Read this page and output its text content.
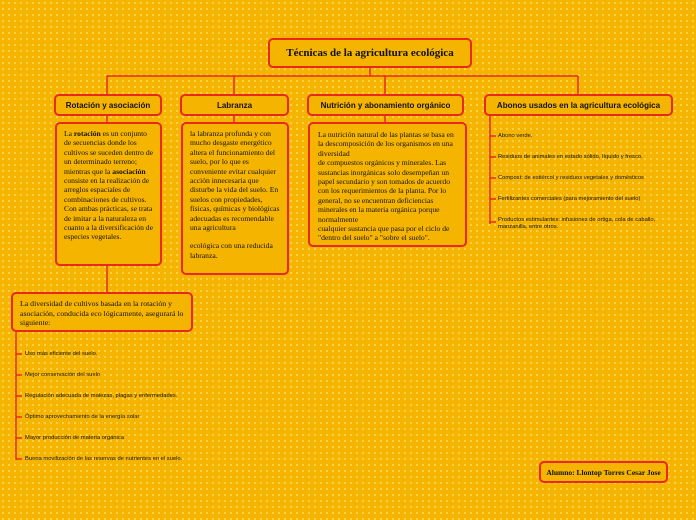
Técnicas de la agricultura ecológica
Rotación y asociación	Labranza	Nutrición y abonamiento orgánico	Abonos usados en la agricultura ecológica

La rotación es un conjunto de secuencias donde los cultivos se suceden dentro de un determinado terreno; mientras que la asociación consiste en la realización de arreglos espaciales de combinaciones de cultivos. Con ambas prácticas, se trata de imitar a la naturaleza en cuanto a la diversificación de especies vegetales.

la labranza profunda y con mucho desgaste energético altera el funcionamiento del suelo, por lo que es conveniente evitar cualquier acción innecesaria que disturbe la vida del suelo. En suelos con propiedades, físicas, químicas y biológicas adecuadas es recomendable una agricultura

ecológica con una reducida labranza.

La nutrición natural de las plantas se basa en
la descomposición de los organismos en una diversidad
de compuestos orgánicos y minerales. Las
sustancias inorgánicas solo desempeñan un
papel secundario y son tomados de acuerdo
con los requerimientos de la planta. Por lo
general, no se encuentran deficiencias
minerales en la materia orgánica porque normalmente
cualquier sustancia que pasa por el ciclo de
"dentro del suelo" a "sobre el suelo".
Abono verde.
Residuos de animales en estado sólido, líquido y fresco.
Compost: de estiércol y residuos vegetales y domésticos
Fertilizantes comerciales (para mejoramiento del suelo)
Productos estimulantes: infusiones de ortiga, cola de caballo, manzanilla, entre otros.

La diversidad de cultivos basada en la rotación y asociación, conducida eco lógicamente, asegurará lo siguiente:

Uso más eficiente del suelo.
Mejor conservación del suelo
Regulación adecuada de malezas, plagas y enfermedades.
Óptimo aprovechamiento de la energía solar
Mayor producción de materia orgánica
Buena movilización de las reservas de nutrientes en el suelo.
Alumno: Llontop Torres Cesar Jose
